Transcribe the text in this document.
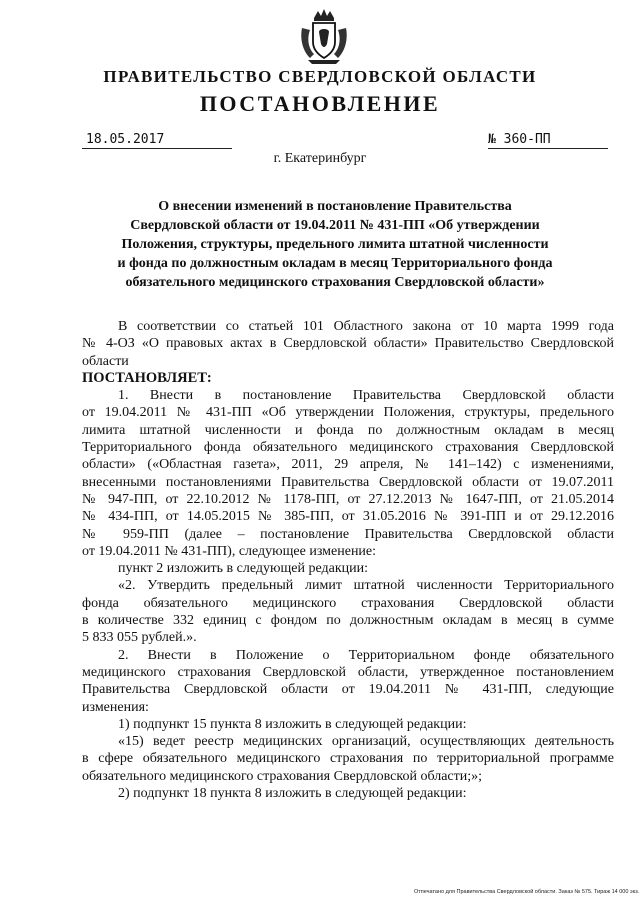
ПРАВИТЕЛЬСТВО СВЕРДЛОВСКОЙ ОБЛАСТИ
ПОСТАНОВЛЕНИЕ
18.05.2017	№ 360-ПП
г. Екатеринбург
О внесении изменений в постановление Правительства
Свердловской области от 19.04.2011 № 431-ПП «Об утверждении
Положения, структуры, предельного лимита штатной численности
и фонда по должностным окладам в месяц Территориального фонда
обязательного медицинского страхования Свердловской области»
В соответствии со статьей 101 Областного закона от 10 марта 1999 года
№ 4-ОЗ «О правовых актах в Свердловской области» Правительство Свердловской
области
ПОСТАНОВЛЯЕТ:
1. Внести в постановление Правительства Свердловской области
от 19.04.2011 № 431-ПП «Об утверждении Положения, структуры, предельного
лимита штатной численности и фонда по должностным окладам в месяц
Территориального фонда обязательного медицинского страхования Свердловской
области» («Областная газета», 2011, 29 апреля, № 141–142) с изменениями,
внесенными постановлениями Правительства Свердловской области от 19.07.2011
№ 947-ПП, от 22.10.2012 № 1178-ПП, от 27.12.2013 № 1647-ПП, от 21.05.2014
№ 434-ПП, от 14.05.2015 № 385-ПП, от 31.05.2016 № 391-ПП и от 29.12.2016
№ 959-ПП (далее – постановление Правительства Свердловской области
от 19.04.2011 № 431-ПП), следующее изменение:
пункт 2 изложить в следующей редакции:
«2. Утвердить предельный лимит штатной численности Территориального
фонда обязательного медицинского страхования Свердловской области
в количестве 332 единиц с фондом по должностным окладам в месяц в сумме
5 833 055 рублей.».
2. Внести в Положение о Территориальном фонде обязательного
медицинского страхования Свердловской области, утвержденное постановлением
Правительства Свердловской области от 19.04.2011 № 431-ПП, следующие
изменения:
1) подпункт 15 пункта 8 изложить в следующей редакции:
«15) ведет реестр медицинских организаций, осуществляющих деятельность
в сфере обязательного медицинского страхования по территориальной программе
обязательного медицинского страхования Свердловской области;»;
2) подпункт 18 пункта 8 изложить в следующей редакции:
Отпечатано для Правительства Свердловской области. Заказ № 575. Тираж 14 000 экз.
